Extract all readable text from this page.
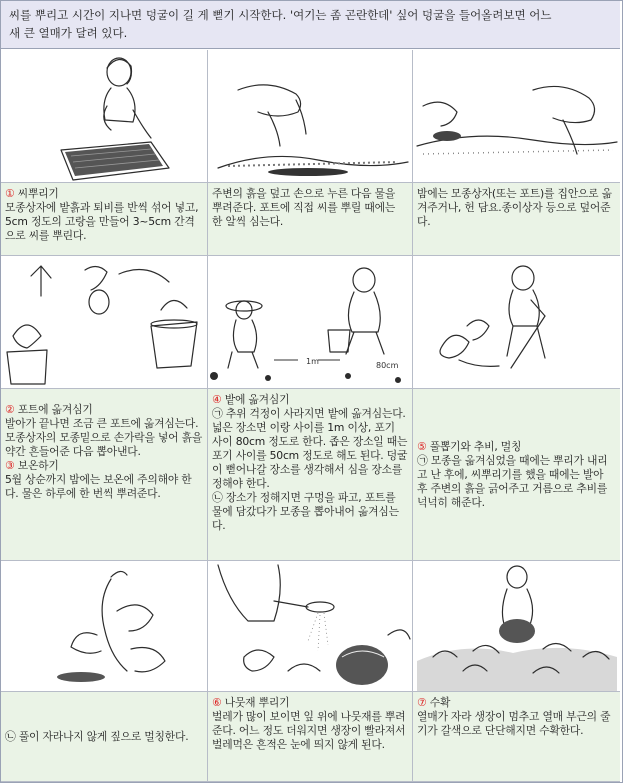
씨를 뿌리고 시간이 지나면 덩굴이 길 게 뻗기 시작한다. '여기는 좀 곤란한데' 싶어 덩굴을 들어올려보면 어느

새 큰 열매가 달려 있다.

① 씨뿌리기

모종상자에 밭흙과 퇴비를 반씩 섞어 넣고, 5cm 정도의 고랑을 만들어 3~5cm 간격으로 씨를 뿌린다.

주변의 흙을 덮고 손으로 누른 다음 물을 뿌려준다. 포트에 직접 씨를 뿌릴 때에는 한 알씩 심는다.

밤에는 모종상자(또는 포트)를 집안으로 옮겨주거나, 헌 담요.종이상자 등으로 덮어준다.

1m	80cm

② 포트에 옮겨심기

발아가 끝나면 조금 큰 포트에 옮겨심는다. 모종상자의 모종밑으로 손가락을 넣어 흙을 약간 흔들어준 다음 뽑아낸다.

③ 보온하기

5월 상순까지 밤에는 보온에 주의해야 한다. 물은 하루에 한 번씩 뿌려준다.

④ 밭에 옮겨심기

㉠ 추위 걱정이 사라지면 밭에 옮겨심는다. 넓은 장소면 이랑 사이를 1m 이상, 포기 사이 80cm 정도로 한다. 좁은 장소일 때는 포기 사이를 50cm 정도로 해도 된다. 덩굴이 뻗어나갈 장소를 생각해서 심을 장소를 정해야 한다.

㉡ 장소가 정해지면 구멍을 파고, 포트를 물에 담갔다가 모종을 뽑아내어 옮겨심는다.

⑤ 풀뽑기와 추비, 멀칭

㉠ 모종을 옮겨심었을 때에는 뿌리가 내리고 난 후에, 씨뿌리기를 했을 때에는 발아 후 주변의 흙을 긁어주고 거름으로 추비를 넉넉히 해준다.

㉡ 풀이 자라나지 않게 짚으로 멀칭한다.

⑥ 나뭇재 뿌리기

벌레가 많이 보이면 잎 위에 나뭇재를 뿌려준다. 어느 정도 더워지면 생장이 빨라져서 벌레먹은 흔적은 눈에 띄지 않게 된다.

⑦ 수확

열매가 자라 생장이 멈추고 열매 부근의 줄기가 갈색으로 단단해지면 수확한다.
